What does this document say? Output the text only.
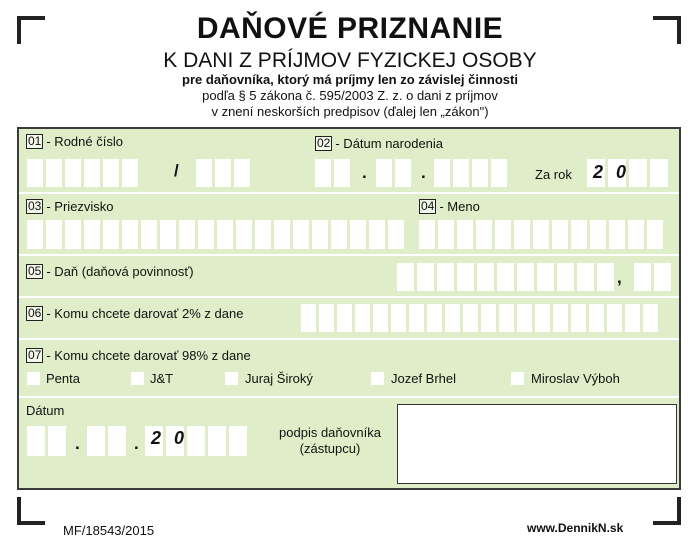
DAŇOVÉ PRIZNANIE
K DANI Z PRÍJMOV FYZICKEJ OSOBY
pre daňovníka, ktorý má príjmy len zo závislej činnosti
podľa § 5 zákona č. 595/2003 Z. z. o dani z príjmov
v znení neskorších predpisov (ďalej len „zákon")
01 - Rodné číslo	02 - Dátum narodenia
/	.	.	Za rok 2 0
03 - Priezvisko	04 - Meno
05 - Daň (daňová povinnosť)	,
06 - Komu chcete darovať 2% z dane
07 - Komu chcete darovať 98% z dane
Penta	J&T	Juraj Široký	Jozef Brhel	Miroslav Výboh
Dátum
.	. 2 0	podpis daňovníka
(zástupcu)
MF/18543/2015	www.DennikN.sk
